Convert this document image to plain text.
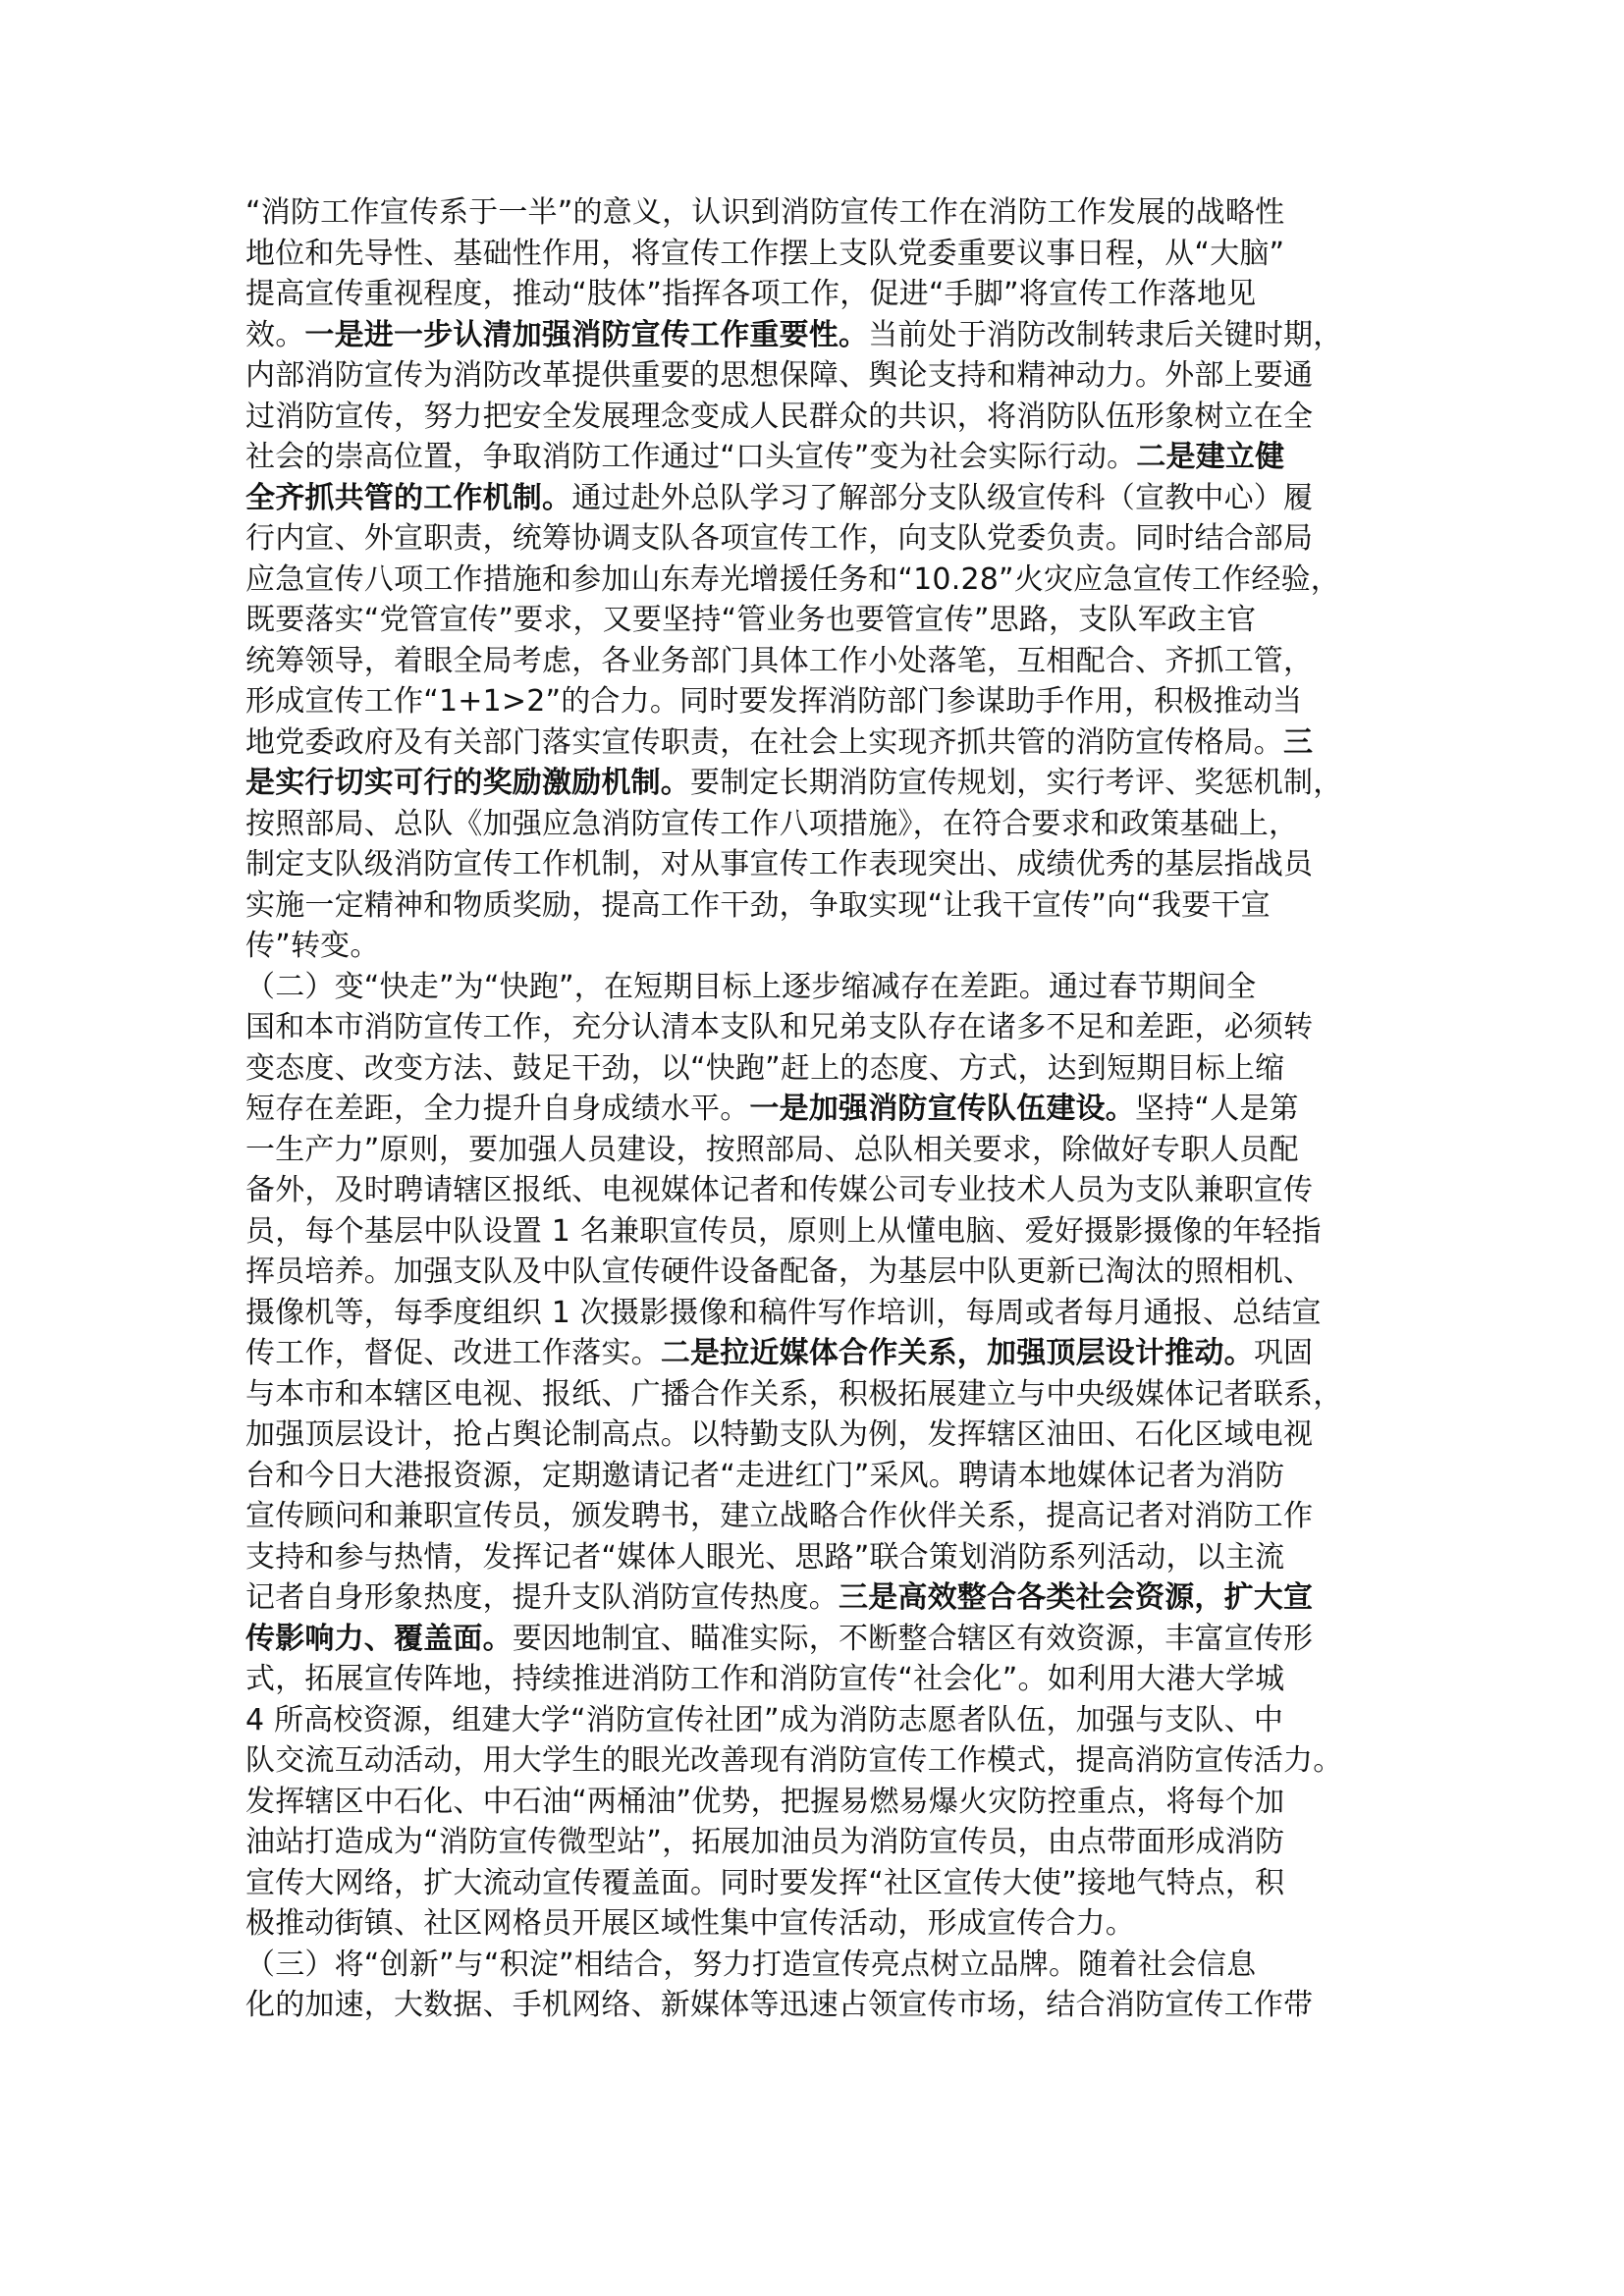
“消防工作宣传系于一半”的意义，认识到消防宣传工作在消防工作发展的战略性
地位和先导性、基础性作用，将宣传工作摆上支队党委重要议事日程，从“大脑”
提高宣传重视程度，推动“肢体”指挥各项工作，促进“手脚”将宣传工作落地见
效。一是进一步认清加强消防宣传工作重要性。当前处于消防改制转隶后关键时期，
内部消防宣传为消防改革提供重要的思想保障、舆论支持和精神动力。外部上要通
过消防宣传，努力把安全发展理念变成人民群众的共识，将消防队伍形象树立在全
社会的崇高位置，争取消防工作通过“口头宣传”变为社会实际行动。二是建立健
全齐抓共管的工作机制。通过赴外总队学习了解部分支队级宣传科（宣教中心）履
行内宣、外宣职责，统筹协调支队各项宣传工作，向支队党委负责。同时结合部局
应急宣传八项工作措施和参加山东寿光增援任务和“10.28”火灾应急宣传工作经验，
既要落实“党管宣传”要求，又要坚持“管业务也要管宣传”思路，支队军政主官
统筹领导，着眼全局考虑，各业务部门具体工作小处落笔，互相配合、齐抓工管，
形成宣传工作“1+1>2”的合力。同时要发挥消防部门参谋助手作用，积极推动当
地党委政府及有关部门落实宣传职责，在社会上实现齐抓共管的消防宣传格局。三
是实行切实可行的奖励激励机制。要制定长期消防宣传规划，实行考评、奖惩机制，
按照部局、总队《加强应急消防宣传工作八项措施》，在符合要求和政策基础上，
制定支队级消防宣传工作机制，对从事宣传工作表现突出、成绩优秀的基层指战员
实施一定精神和物质奖励，提高工作干劲，争取实现“让我干宣传”向“我要干宣
传”转变。
（二）变“快走”为“快跑”，在短期目标上逐步缩减存在差距。通过春节期间全
国和本市消防宣传工作，充分认清本支队和兄弟支队存在诸多不足和差距，必须转
变态度、改变方法、鼓足干劲，以“快跑”赶上的态度、方式，达到短期目标上缩
短存在差距，全力提升自身成绩水平。一是加强消防宣传队伍建设。坚持“人是第
一生产力”原则，要加强人员建设，按照部局、总队相关要求，除做好专职人员配
备外，及时聘请辖区报纸、电视媒体记者和传媒公司专业技术人员为支队兼职宣传
员，每个基层中队设置 1 名兼职宣传员，原则上从懂电脑、爱好摄影摄像的年轻指
挥员培养。加强支队及中队宣传硬件设备配备，为基层中队更新已淘汰的照相机、
摄像机等，每季度组织 1 次摄影摄像和稿件写作培训，每周或者每月通报、总结宣
传工作，督促、改进工作落实。二是拉近媒体合作关系，加强顶层设计推动。巩固
与本市和本辖区电视、报纸、广播合作关系，积极拓展建立与中央级媒体记者联系，
加强顶层设计，抢占舆论制高点。以特勤支队为例，发挥辖区油田、石化区域电视
台和今日大港报资源，定期邀请记者“走进红门”采风。聘请本地媒体记者为消防
宣传顾问和兼职宣传员，颁发聘书，建立战略合作伙伴关系，提高记者对消防工作
支持和参与热情，发挥记者“媒体人眼光、思路”联合策划消防系列活动，以主流
记者自身形象热度，提升支队消防宣传热度。三是高效整合各类社会资源，扩大宣
传影响力、覆盖面。要因地制宜、瞄准实际，不断整合辖区有效资源，丰富宣传形
式，拓展宣传阵地，持续推进消防工作和消防宣传“社会化”。如利用大港大学城
4 所高校资源，组建大学“消防宣传社团”成为消防志愿者队伍，加强与支队、中
队交流互动活动，用大学生的眼光改善现有消防宣传工作模式，提高消防宣传活力。
发挥辖区中石化、中石油“两桶油”优势，把握易燃易爆火灾防控重点，将每个加
油站打造成为“消防宣传微型站”，拓展加油员为消防宣传员，由点带面形成消防
宣传大网络，扩大流动宣传覆盖面。同时要发挥“社区宣传大使”接地气特点，积
极推动街镇、社区网格员开展区域性集中宣传活动，形成宣传合力。
（三）将“创新”与“积淀”相结合，努力打造宣传亮点树立品牌。随着社会信息
化的加速，大数据、手机网络、新媒体等迅速占领宣传市场，结合消防宣传工作带
